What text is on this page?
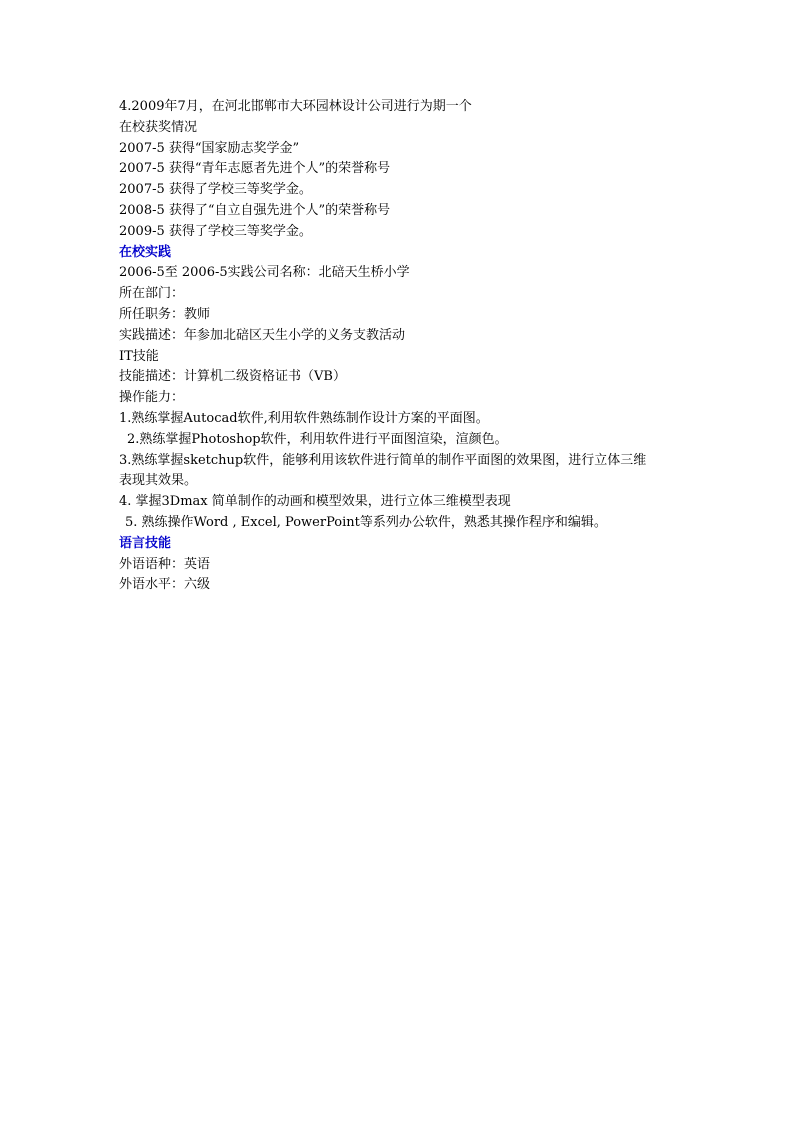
4.2009年7月，在河北邯郸市大环园林设计公司进行为期一个
在校获奖情况
2007-5 获得“国家励志奖学金”
2007-5 获得“青年志愿者先进个人”的荣誉称号
2007-5 获得了学校三等奖学金。
2008-5 获得了“自立自强先进个人”的荣誉称号
2009-5 获得了学校三等奖学金。
在校实践
2006-5至 2006-5实践公司名称：北碚天生桥小学
所在部门：
所任职务：教师
实践描述：年参加北碚区天生小学的义务支教活动
IT技能
技能描述：计算机二级资格证书（VB）
操作能力：
1.熟练掌握Autocad软件,利用软件熟练制作设计方案的平面图。
2.熟练掌握Photoshop软件，利用软件进行平面图渲染，渲颜色。
3.熟练掌握sketchup软件，能够利用该软件进行简单的制作平面图的效果图，进行立体三维
表现其效果。
4. 掌握3Dmax 简单制作的动画和模型效果，进行立体三维模型表现
5. 熟练操作Word , Excel, PowerPoint等系列办公软件，熟悉其操作程序和编辑。
语言技能
外语语种：英语
外语水平：六级
